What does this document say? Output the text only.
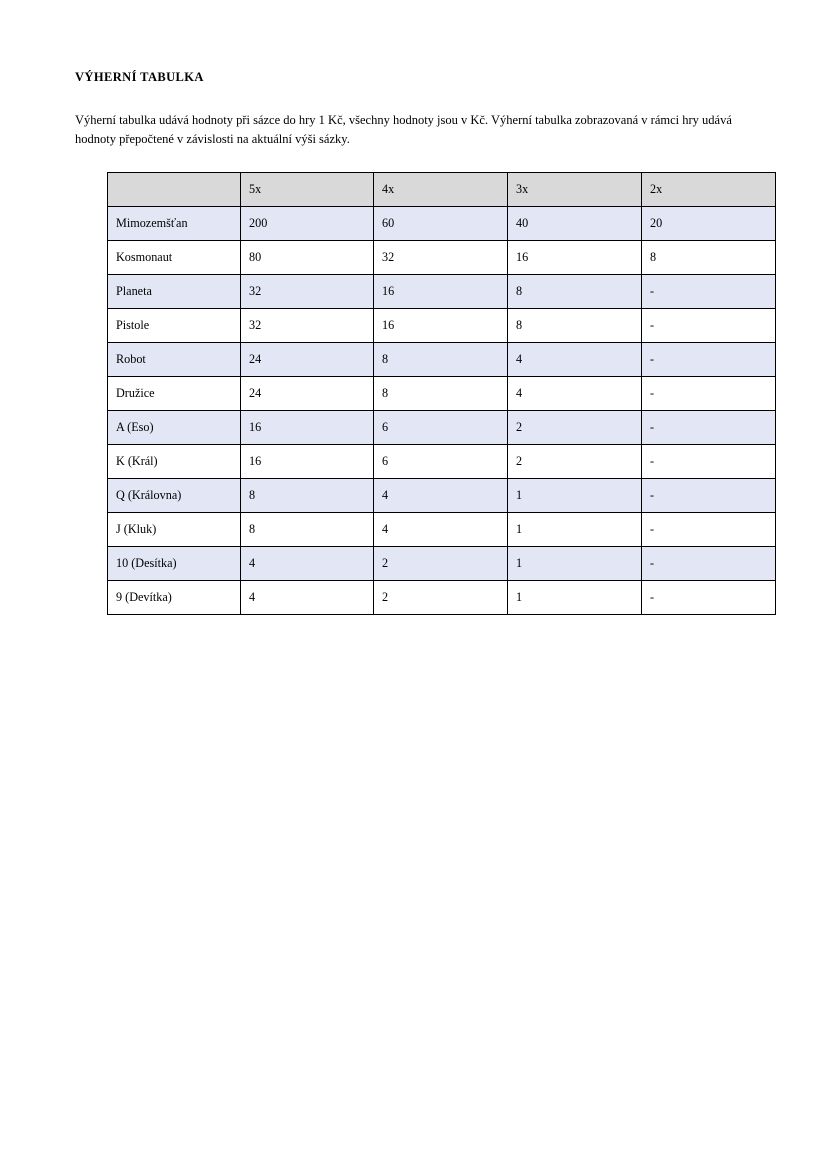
VÝHERNÍ TABULKA

Výherní tabulka udává hodnoty při sázce do hry 1 Kč, všechny hodnoty jsou v Kč. Výherní tabulka zobrazovaná v rámci hry udává hodnoty přepočtené v závislosti na aktuální výši sázky.

	5x	4x	3x	2x
Mimozemšťan	200	60	40	20
Kosmonaut	80	32	16	8
Planeta	32	16	8	-
Pistole	32	16	8	-
Robot	24	8	4	-
Družice	24	8	4	-
A (Eso)	16	6	2	-
K (Král)	16	6	2	-
Q (Královna)	8	4	1	-
J (Kluk)	8	4	1	-
10 (Desítka)	4	2	1	-
9 (Devítka)	4	2	1	-
